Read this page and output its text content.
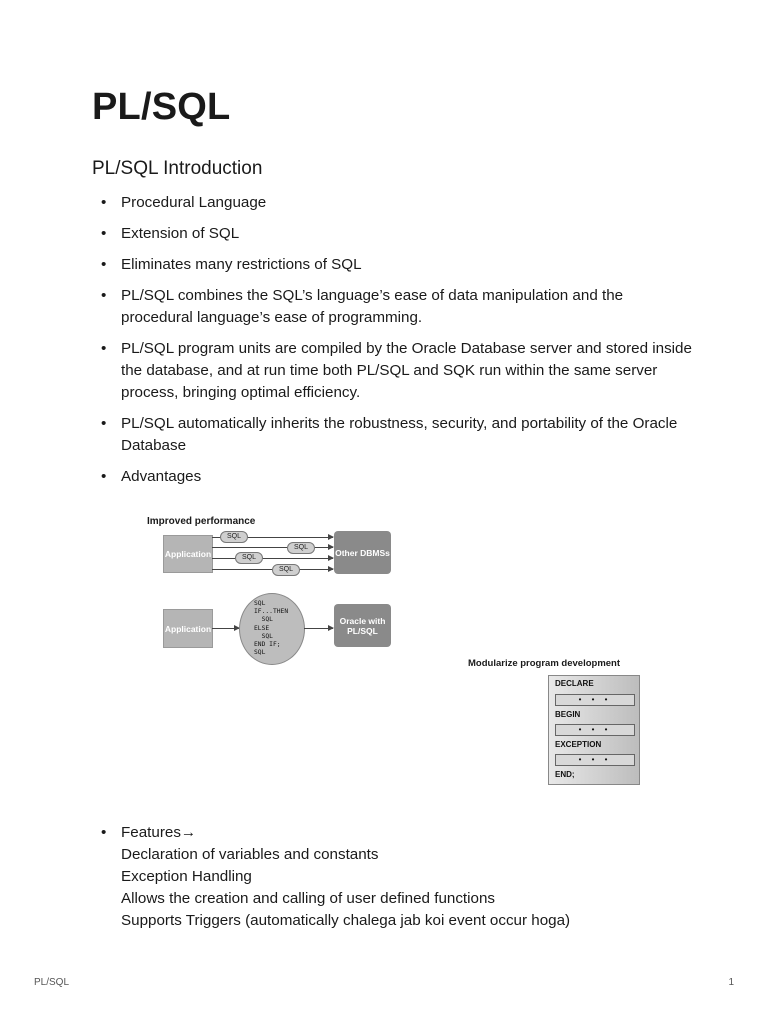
PL/SQL
PL/SQL Introduction
• Procedural Language
• Extension of SQL
• Eliminates many restrictions of SQL
• PL/SQL combines the SQL’s language’s ease of data manipulation and the procedural language’s ease of programming.
• PL/SQL program units are compiled by the Oracle Database server and stored inside the database, and at run time both PL/SQL and SQK run within the same server process, bringing optimal efficiency.
• PL/SQL automatically inherits the robustness, security, and portability of the Oracle Database
• Advantages
Improved performance
Application	Other DBMSs
SQL
SQL
SQL
SQL
Application
SQL
IF...THEN
SQL
ELSE
SQL
END IF;
SQL
Oracle with PL/SQL
Modularize program development
DECLARE
• • •
BEGIN
• • •
EXCEPTION
• • •
END;
• Features→
Declaration of variables and constants
Exception Handling
Allows the creation and calling of user defined functions
Supports Triggers (automatically chalega jab koi event occur hoga)
PL/SQL	1
